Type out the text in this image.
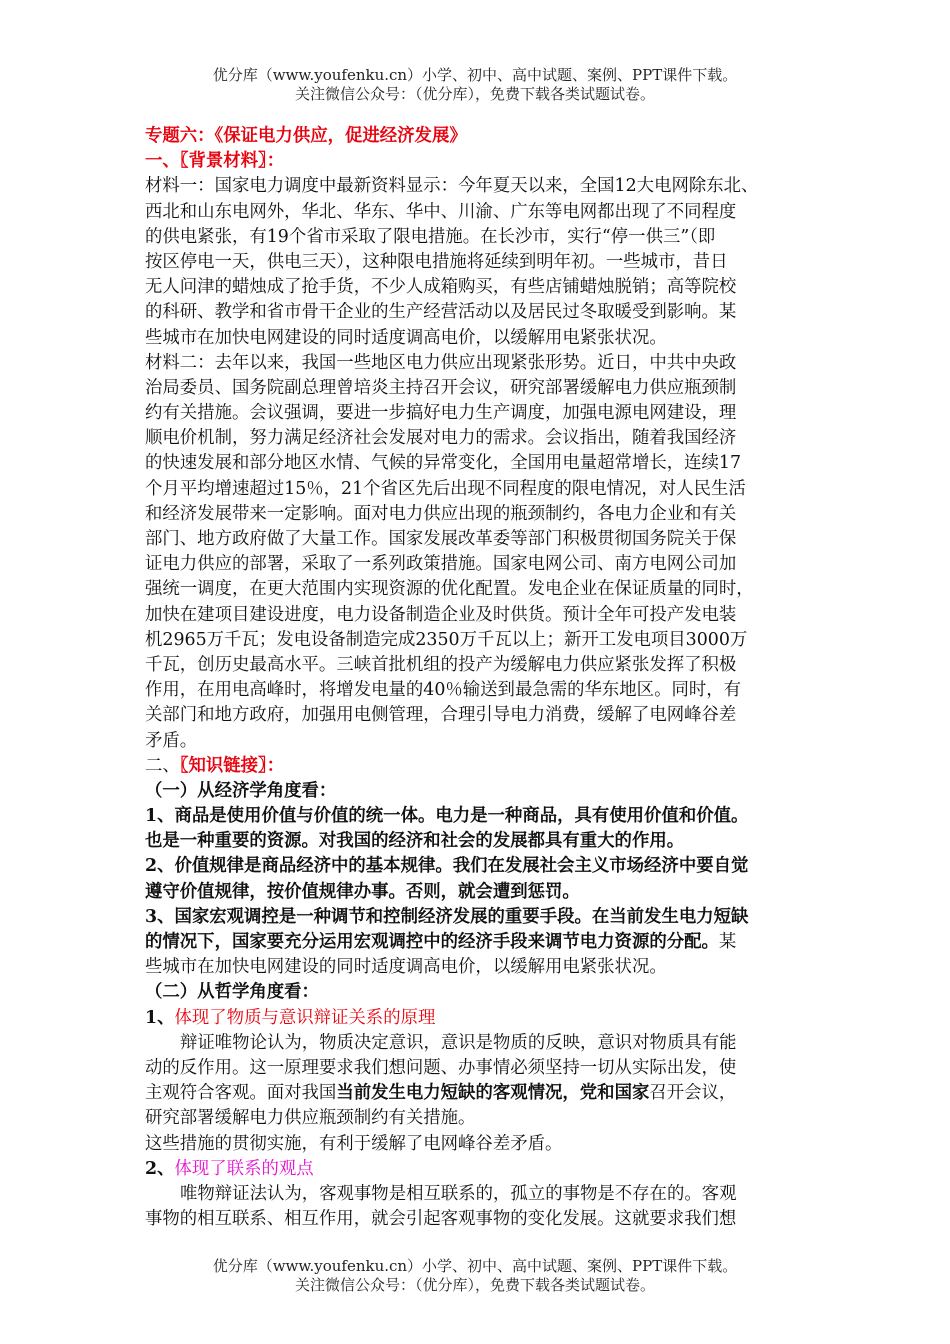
优分库（www.youfenku.cn）小学、初中、高中试题、案例、PPT课件下载。
关注微信公众号：（优分库），免费下载各类试题试卷。
专题六：《保证电力供应，促进经济发展》
一、〖背景材料〗：
材料一：国家电力调度中最新资料显示：今年夏天以来，全国12大电网除东北、
西北和山东电网外，华北、华东、华中、川渝、广东等电网都出现了不同程度
的供电紧张，有19个省市采取了限电措施。在长沙市，实行“停一供三”（即
按区停电一天，供电三天），这种限电措施将延续到明年初。一些城市，昔日
无人问津的蜡烛成了抢手货，不少人成箱购买，有些店铺蜡烛脱销；高等院校
的科研、教学和省市骨干企业的生产经营活动以及居民过冬取暖受到影响。某
些城市在加快电网建设的同时适度调高电价，以缓解用电紧张状况。
材料二：去年以来，我国一些地区电力供应出现紧张形势。近日，中共中央政
治局委员、国务院副总理曾培炎主持召开会议，研究部署缓解电力供应瓶颈制
约有关措施。会议强调，要进一步搞好电力生产调度，加强电源电网建设，理
顺电价机制，努力满足经济社会发展对电力的需求。会议指出，随着我国经济
的快速发展和部分地区水情、气候的异常变化，全国用电量超常增长，连续17
个月平均增速超过15％，21个省区先后出现不同程度的限电情况，对人民生活
和经济发展带来一定影响。面对电力供应出现的瓶颈制约，各电力企业和有关
部门、地方政府做了大量工作。国家发展改革委等部门积极贯彻国务院关于保
证电力供应的部署，采取了一系列政策措施。国家电网公司、南方电网公司加
强统一调度，在更大范围内实现资源的优化配置。发电企业在保证质量的同时，
加快在建项目建设进度，电力设备制造企业及时供货。预计全年可投产发电装
机2965万千瓦；发电设备制造完成2350万千瓦以上；新开工发电项目3000万
千瓦，创历史最高水平。三峡首批机组的投产为缓解电力供应紧张发挥了积极
作用，在用电高峰时，将增发电量的40％输送到最急需的华东地区。同时，有
关部门和地方政府，加强用电侧管理，合理引导电力消费，缓解了电网峰谷差
矛盾。
二、〖知识链接〗：
（一）从经济学角度看：
1、商品是使用价值与价值的统一体。电力是一种商品，具有使用价值和价值。
也是一种重要的资源。对我国的经济和社会的发展都具有重大的作用。
2、价值规律是商品经济中的基本规律。我们在发展社会主义市场经济中要自觉
遵守价值规律，按价值规律办事。否则，就会遭到惩罚。
3、国家宏观调控是一种调节和控制经济发展的重要手段。在当前发生电力短缺
的情况下，国家要充分运用宏观调控中的经济手段来调节电力资源的分配。某
些城市在加快电网建设的同时适度调高电价，以缓解用电紧张状况。
（二）从哲学角度看：
1、体现了物质与意识辩证关系的原理
辩证唯物论认为，物质决定意识，意识是物质的反映，意识对物质具有能
动的反作用。这一原理要求我们想问题、办事情必须坚持一切从实际出发，使
主观符合客观。面对我国当前发生电力短缺的客观情况，党和国家召开会议，
研究部署缓解电力供应瓶颈制约有关措施。
这些措施的贯彻实施，有利于缓解了电网峰谷差矛盾。
2、体现了联系的观点
唯物辩证法认为，客观事物是相互联系的，孤立的事物是不存在的。客观
事物的相互联系、相互作用，就会引起客观事物的变化发展。这就要求我们想
优分库（www.youfenku.cn）小学、初中、高中试题、案例、PPT课件下载。
关注微信公众号：（优分库），免费下载各类试题试卷。
